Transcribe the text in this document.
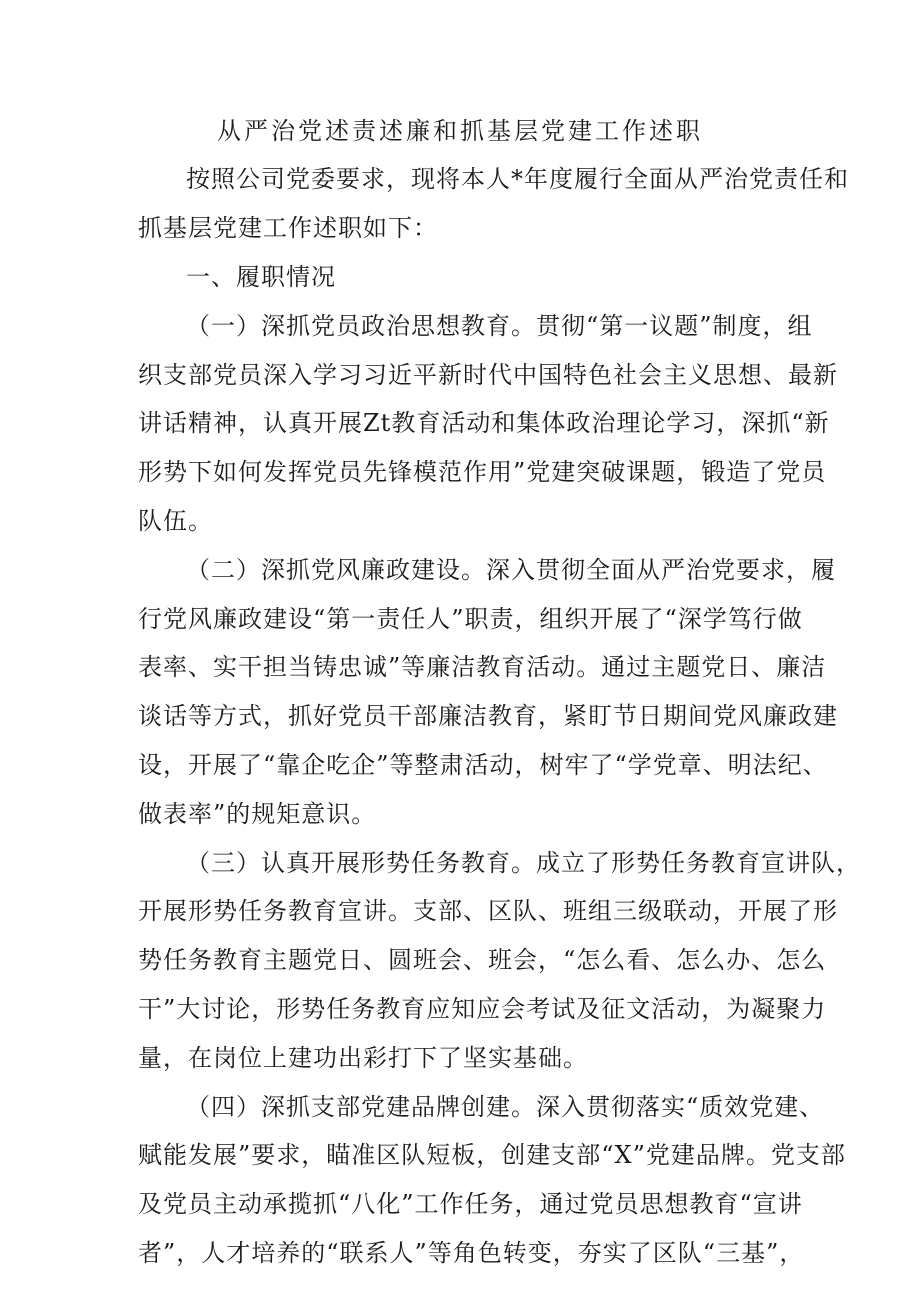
从严治党述责述廉和抓基层党建工作述职
按照公司党委要求，现将本人*年度履行全面从严治党责任和
抓基层党建工作述职如下：
一、履职情况
（一）深抓党员政治思想教育。贯彻“第一议题”制度，组
织支部党员深入学习习近平新时代中国特色社会主义思想、最新
讲话精神，认真开展Zt教育活动和集体政治理论学习，深抓“新
形势下如何发挥党员先锋模范作用”党建突破课题，锻造了党员
队伍。
（二）深抓党风廉政建设。深入贯彻全面从严治党要求，履
行党风廉政建设“第一责任人”职责，组织开展了“深学笃行做
表率、实干担当铸忠诚”等廉洁教育活动。通过主题党日、廉洁
谈话等方式，抓好党员干部廉洁教育，紧盯节日期间党风廉政建
设，开展了“靠企吃企”等整肃活动，树牢了“学党章、明法纪、
做表率”的规矩意识。
（三）认真开展形势任务教育。成立了形势任务教育宣讲队，
开展形势任务教育宣讲。支部、区队、班组三级联动，开展了形
势任务教育主题党日、圆班会、班会，“怎么看、怎么办、怎么
干”大讨论，形势任务教育应知应会考试及征文活动，为凝聚力
量，在岗位上建功出彩打下了坚实基础。
（四）深抓支部党建品牌创建。深入贯彻落实“质效党建、
赋能发展”要求，瞄准区队短板，创建支部“X”党建品牌。党支部
及党员主动承揽抓“八化”工作任务，通过党员思想教育“宣讲
者”，人才培养的“联系人”等角色转变，夯实了区队“三基”，
